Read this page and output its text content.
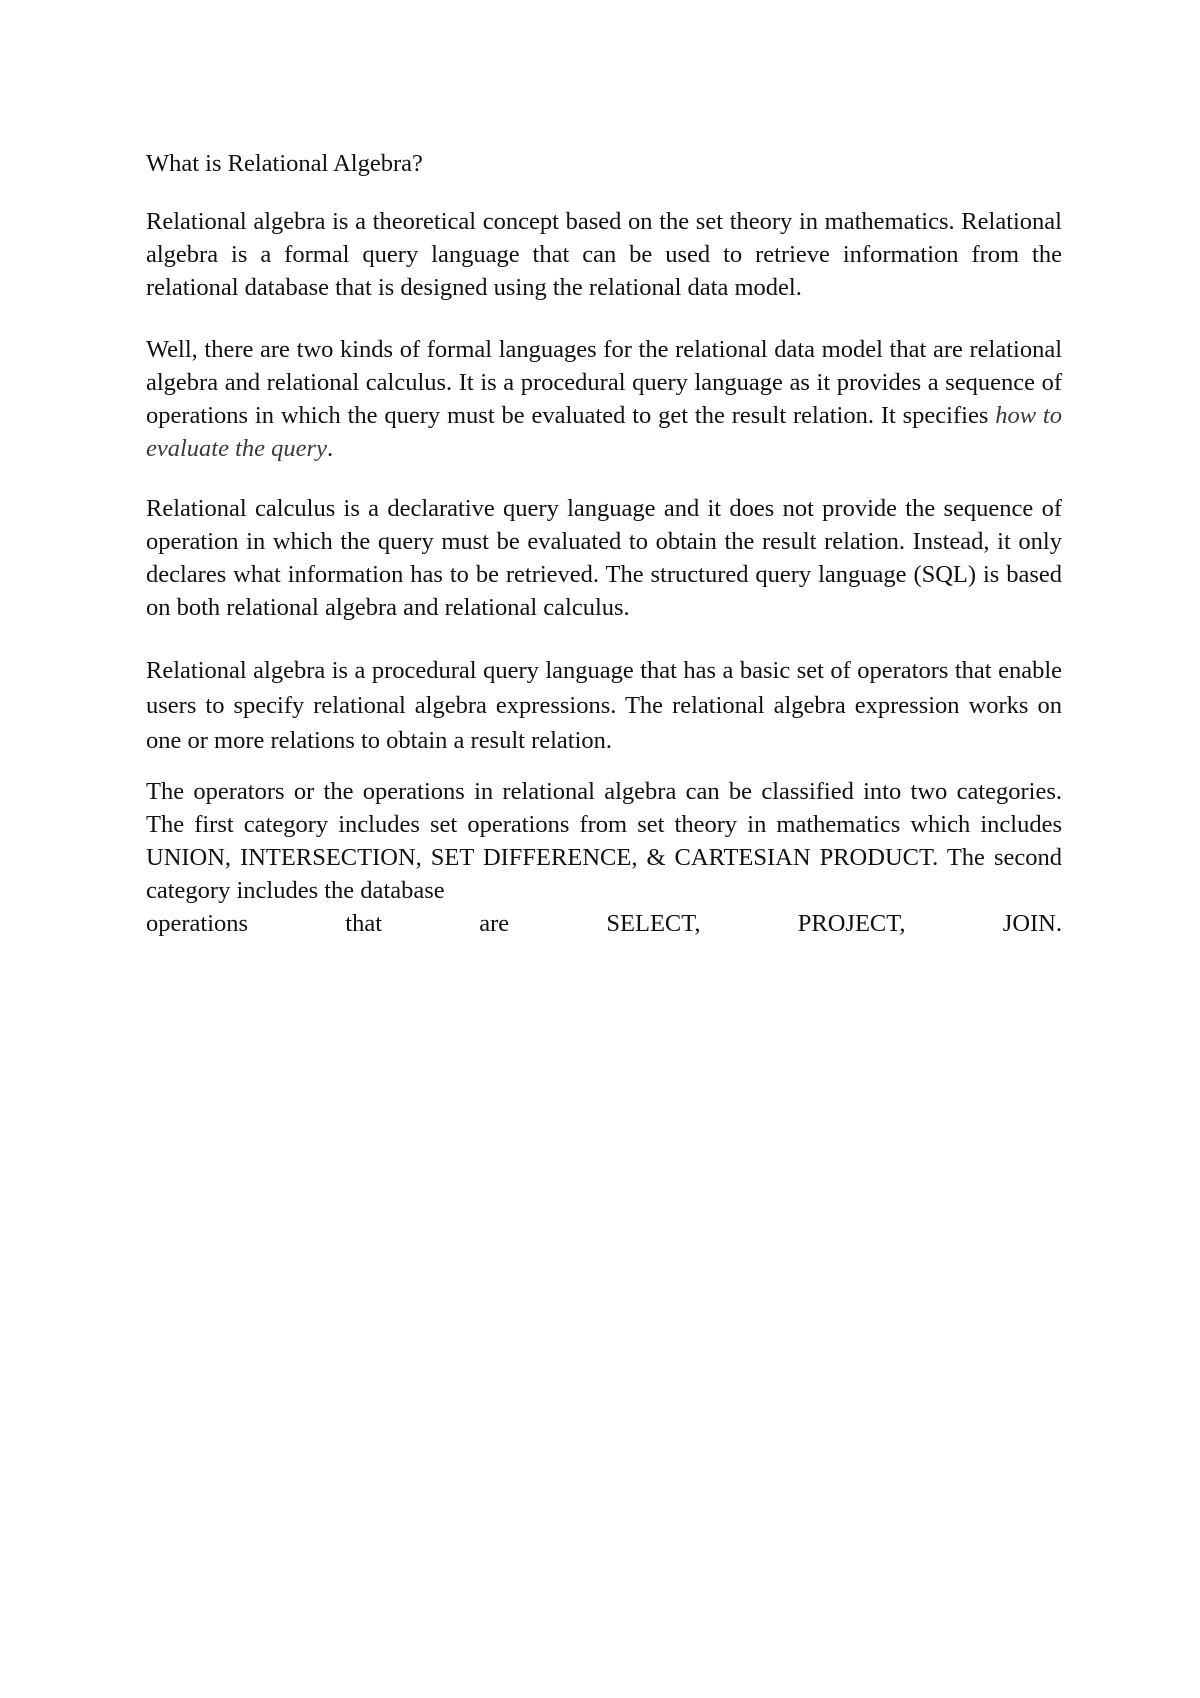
What is Relational Algebra?

Relational algebra is a theoretical concept based on the set theory in mathematics. Relational algebra is a formal query language that can be used to retrieve information from the relational database that is designed using the relational data model.

Well, there are two kinds of formal languages for the relational data model that are relational algebra and relational calculus. It is a procedural query language as it provides a sequence of operations in which the query must be evaluated to get the result relation. It specifies how to evaluate the query.

Relational calculus is a declarative query language and it does not provide the sequence of operation in which the query must be evaluated to obtain the result relation. Instead, it only declares what information has to be retrieved. The structured query language (SQL) is based on both relational algebra and relational calculus.

Relational algebra is a procedural query language that has a basic set of operators that enable users to specify relational algebra expressions. The relational algebra expression works on one or more relations to obtain a result relation.

The operators or the operations in relational algebra can be classified into two categories. The first category includes set operations from set theory in mathematics which includes UNION, INTERSECTION, SET DIFFERENCE, & CARTESIAN PRODUCT. The second category includes the database
operations that are SELECT, PROJECT, JOIN.
